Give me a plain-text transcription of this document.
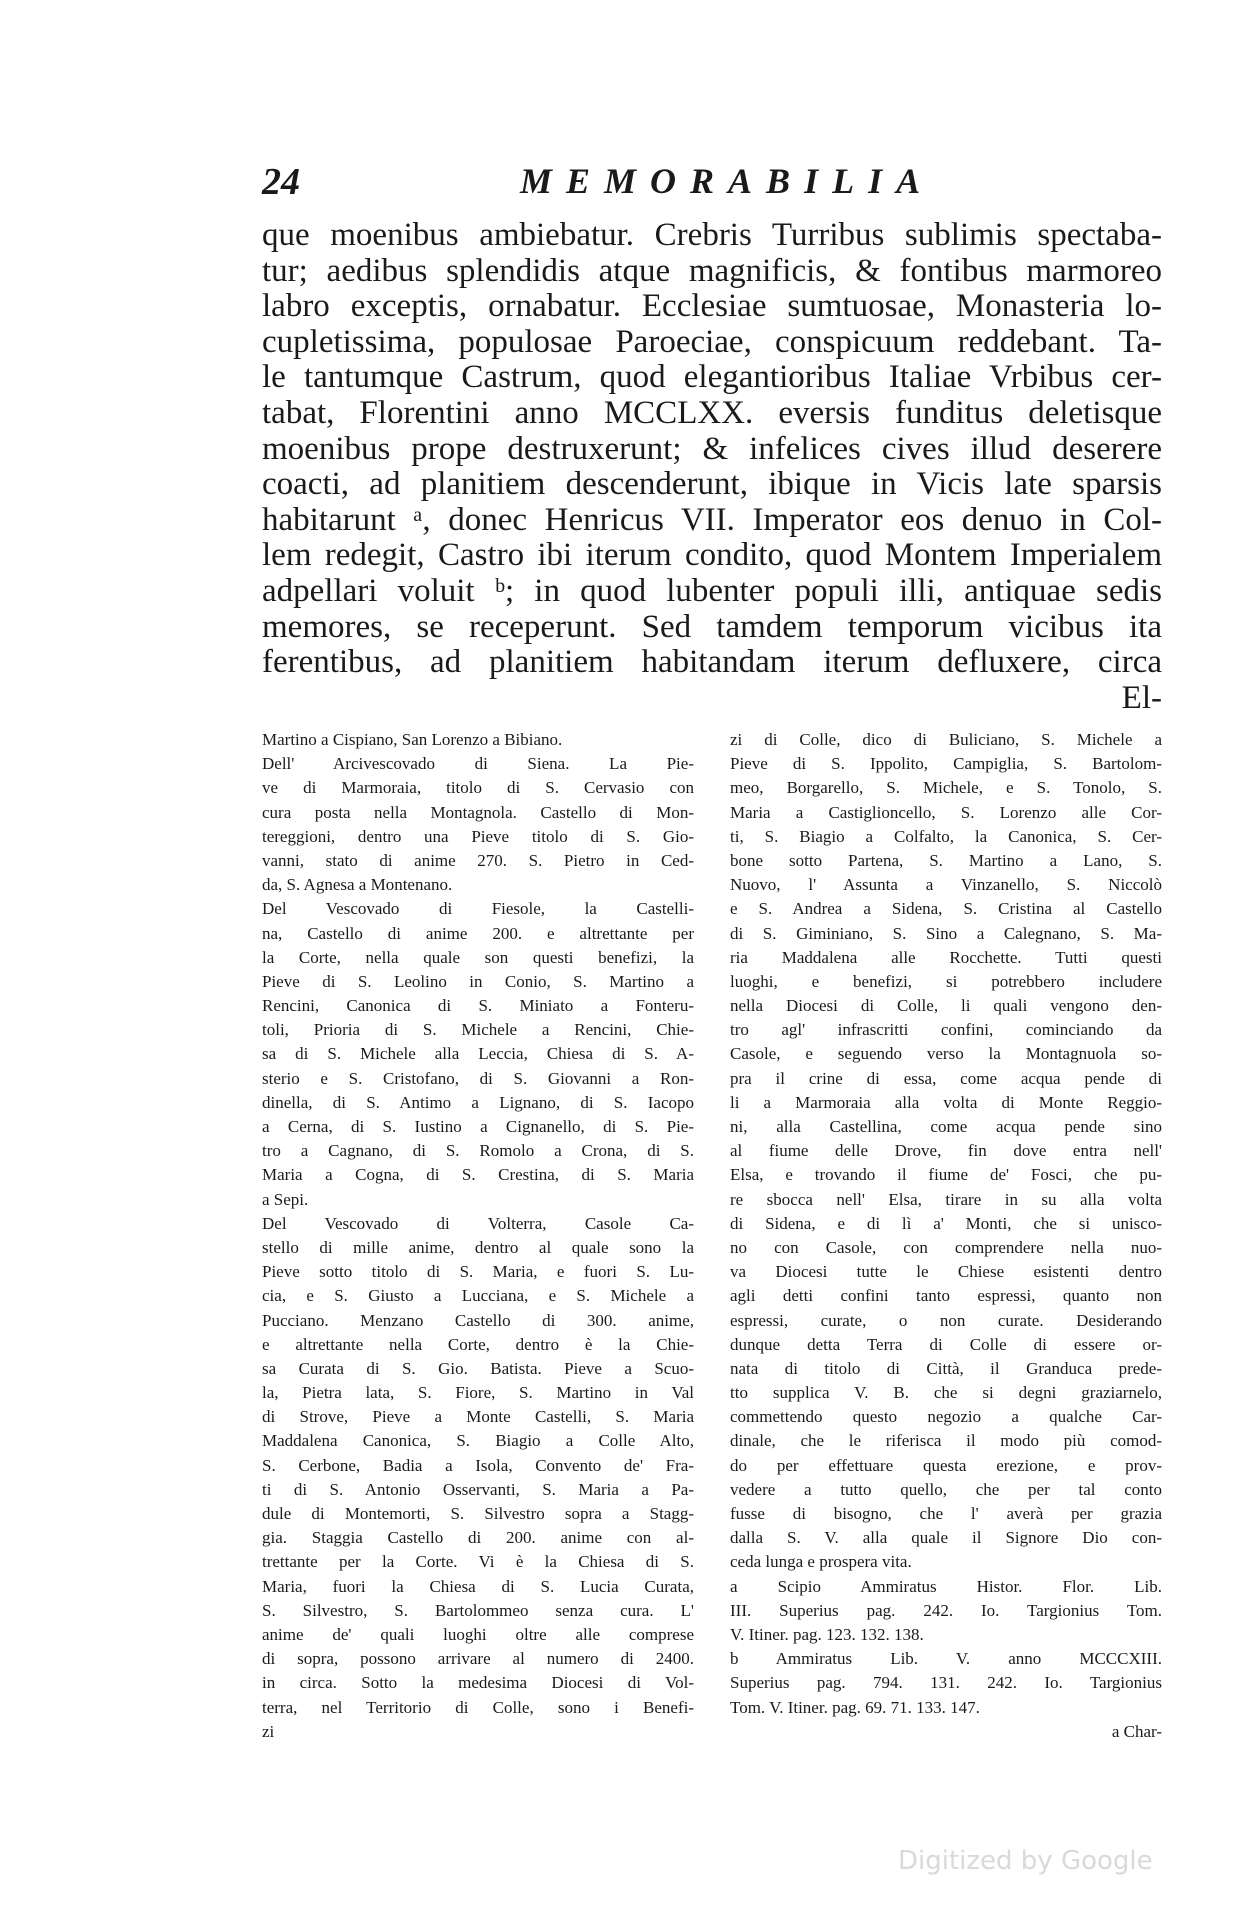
24	MEMORABILIA
que moenibus ambiebatur. Crebris Turribus sublimis spectaba-
tur; aedibus splendidis atque magnificis, & fontibus marmoreo
labro exceptis, ornabatur. Ecclesiae sumtuosae, Monasteria lo-
cupletissima, populosae Paroeciae, conspicuum reddebant. Ta-
le tantumque Castrum, quod elegantioribus Italiae Vrbibus cer-
tabat, Florentini anno MCCLXX. eversis funditus deletisque
moenibus prope destruxerunt; & infelices cives illud deserere
coacti, ad planitiem descenderunt, ibique in Vicis late sparsis
habitarunt ᵃ, donec Henricus VII. Imperator eos denuo in Col-
lem redegit, Castro ibi iterum condito, quod Montem Imperialem
adpellari voluit ᵇ; in quod lubenter populi illi, antiquae sedis
memores, se receperunt. Sed tamdem temporum vicibus ita
ferentibus, ad planitiem habitandam iterum defluxere, circa
El-
Martino a Cispiano, San Lorenzo a Bibiano.
Dell' Arcivescovado di Siena. La Pie-
ve di Marmoraia, titolo di S. Cervasio con
cura posta nella Montagnola. Castello di Mon-
tereggioni, dentro una Pieve titolo di S. Gio-
vanni, stato di anime 270. S. Pietro in Ced-
da, S. Agnesa a Montenano.
Del Vescovado di Fiesole, la Castelli-
na, Castello di anime 200. e altrettante per
la Corte, nella quale son questi benefizi, la
Pieve di S. Leolino in Conio, S. Martino a
Rencini, Canonica di S. Miniato a Fonteru-
toli, Prioria di S. Michele a Rencini, Chie-
sa di S. Michele alla Leccia, Chiesa di S. A-
sterio e S. Cristofano, di S. Giovanni a Ron-
dinella, di S. Antimo a Lignano, di S. Iacopo
a Cerna, di S. Iustino a Cignanello, di S. Pie-
tro a Cagnano, di S. Romolo a Crona, di S.
Maria a Cogna, di S. Crestina, di S. Maria
a Sepi.
Del Vescovado di Volterra, Casole Ca-
stello di mille anime, dentro al quale sono la
Pieve sotto titolo di S. Maria, e fuori S. Lu-
cia, e S. Giusto a Lucciana, e S. Michele a
Pucciano. Menzano Castello di 300. anime,
e altrettante nella Corte, dentro è la Chie-
sa Curata di S. Gio. Batista. Pieve a Scuo-
la, Pietra lata, S. Fiore, S. Martino in Val
di Strove, Pieve a Monte Castelli, S. Maria
Maddalena Canonica, S. Biagio a Colle Alto,
S. Cerbone, Badia a Isola, Convento de' Fra-
ti di S. Antonio Osservanti, S. Maria a Pa-
dule di Montemorti, S. Silvestro sopra a Stagg-
gia. Staggia Castello di 200. anime con al-
trettante per la Corte. Vi è la Chiesa di S.
Maria, fuori la Chiesa di S. Lucia Curata,
S. Silvestro, S. Bartolommeo senza cura. L'
anime de' quali luoghi oltre alle comprese
di sopra, possono arrivare al numero di 2400.
in circa. Sotto la medesima Diocesi di Vol-
terra, nel Territorio di Colle, sono i Benefi-
zi
zi di Colle, dico di Buliciano, S. Michele a
Pieve di S. Ippolito, Campiglia, S. Bartolom-
meo, Borgarello, S. Michele, e S. Tonolo, S.
Maria a Castiglioncello, S. Lorenzo alle Cor-
ti, S. Biagio a Colfalto, la Canonica, S. Cer-
bone sotto Partena, S. Martino a Lano, S.
Nuovo, l' Assunta a Vinzanello, S. Niccolò
e S. Andrea a Sidena, S. Cristina al Castello
di S. Giminiano, S. Sino a Calegnano, S. Ma-
ria Maddalena alle Rocchette. Tutti questi
luoghi, e benefizi, si potrebbero includere
nella Diocesi di Colle, li quali vengono den-
tro agl' infrascritti confini, cominciando da
Casole, e seguendo verso la Montagnuola so-
pra il crine di essa, come acqua pende di
li a Marmoraia alla volta di Monte Reggio-
ni, alla Castellina, come acqua pende sino
al fiume delle Drove, fin dove entra nell'
Elsa, e trovando il fiume de' Fosci, che pu-
re sbocca nell' Elsa, tirare in su alla volta
di Sidena, e di lì a' Monti, che si unisco-
no con Casole, con comprendere nella nuo-
va Diocesi tutte le Chiese esistenti dentro
agli detti confini tanto espressi, quanto non
espressi, curate, o non curate. Desiderando
dunque detta Terra di Colle di essere or-
nata di titolo di Città, il Granduca prede-
tto supplica V. B. che si degni graziarnelo,
commettendo questo negozio a qualche Car-
dinale, che le riferisca il modo più comod-
do per effettuare questa erezione, e prov-
vedere a tutto quello, che per tal conto
fusse di bisogno, che l' averà per grazia
dalla S. V. alla quale il Signore Dio con-
ceda lunga e prospera vita.
a Scipio Ammiratus Histor. Flor. Lib.
III. Superius pag. 242. Io. Targionius Tom.
V. Itiner. pag. 123. 132. 138.
b Ammiratus Lib. V. anno MCCCXIII.
Superius pag. 794. 131. 242. Io. Targionius
Tom. V. Itiner. pag. 69. 71. 133. 147.
a Char-
Digitized by Google
